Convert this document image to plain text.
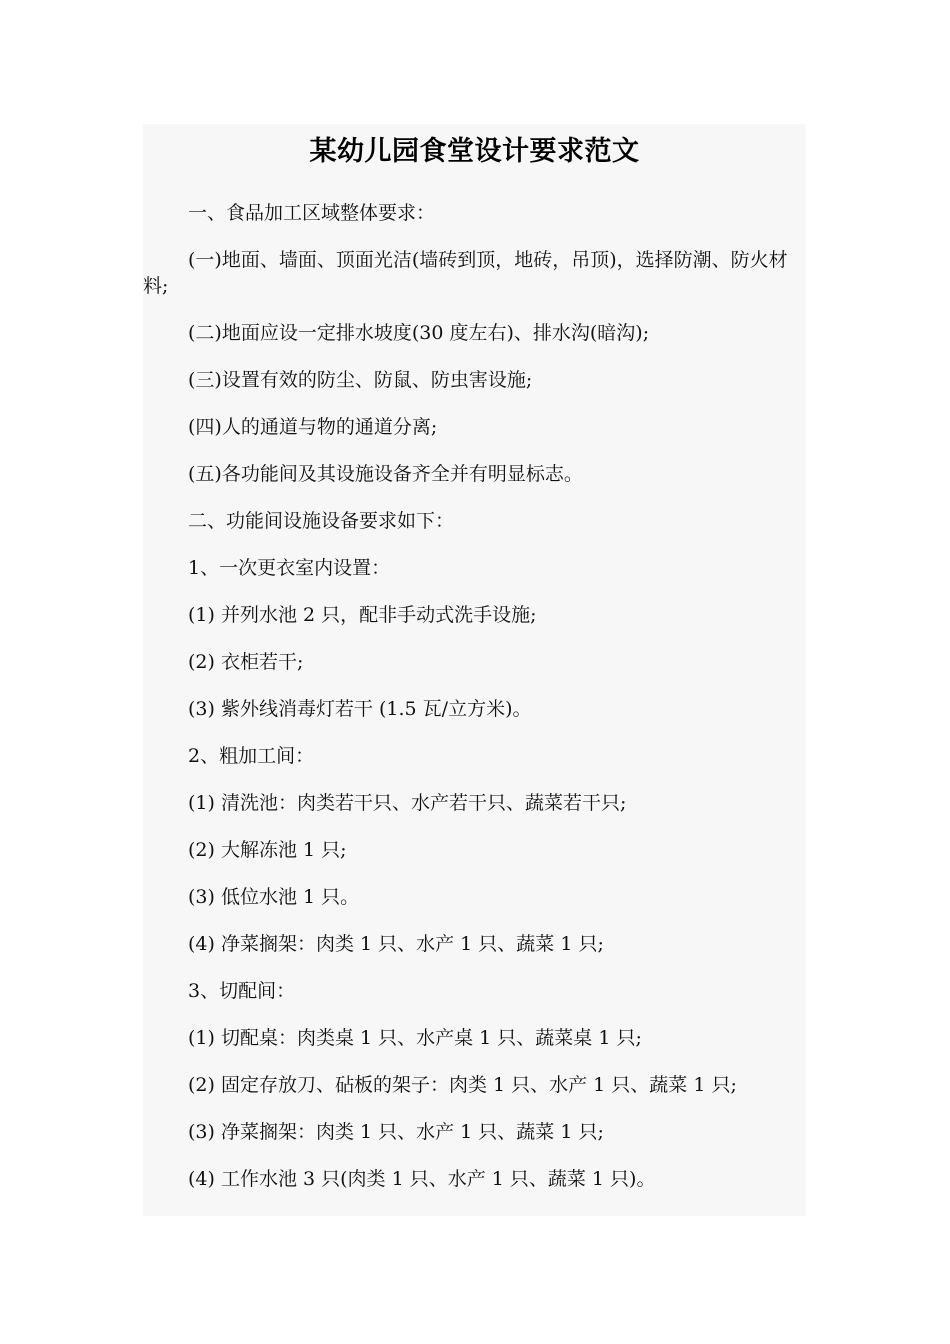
某幼儿园食堂设计要求范文

一、食品加工区域整体要求：

(一)地面、墙面、顶面光洁(墙砖到顶，地砖，吊顶)，选择防潮、防火材料;

(二)地面应设一定排水坡度(30 度左右)、排水沟(暗沟);

(三)设置有效的防尘、防鼠、防虫害设施;

(四)人的通道与物的通道分离;

(五)各功能间及其设施设备齐全并有明显标志。

二、功能间设施设备要求如下：

1、一次更衣室内设置：

(1) 并列水池 2 只，配非手动式洗手设施;

(2) 衣柜若干;

(3) 紫外线消毒灯若干 (1.5 瓦/立方米)。

2、粗加工间：

(1) 清洗池：肉类若干只、水产若干只、蔬菜若干只;

(2) 大解冻池 1 只;

(3) 低位水池 1 只。

(4) 净菜搁架：肉类 1 只、水产 1 只、蔬菜 1 只;

3、切配间：

(1) 切配桌：肉类桌 1 只、水产桌 1 只、蔬菜桌 1 只;

(2) 固定存放刀、砧板的架子：肉类 1 只、水产 1 只、蔬菜 1 只;

(3) 净菜搁架：肉类 1 只、水产 1 只、蔬菜 1 只;

(4) 工作水池 3 只(肉类 1 只、水产 1 只、蔬菜 1 只)。
